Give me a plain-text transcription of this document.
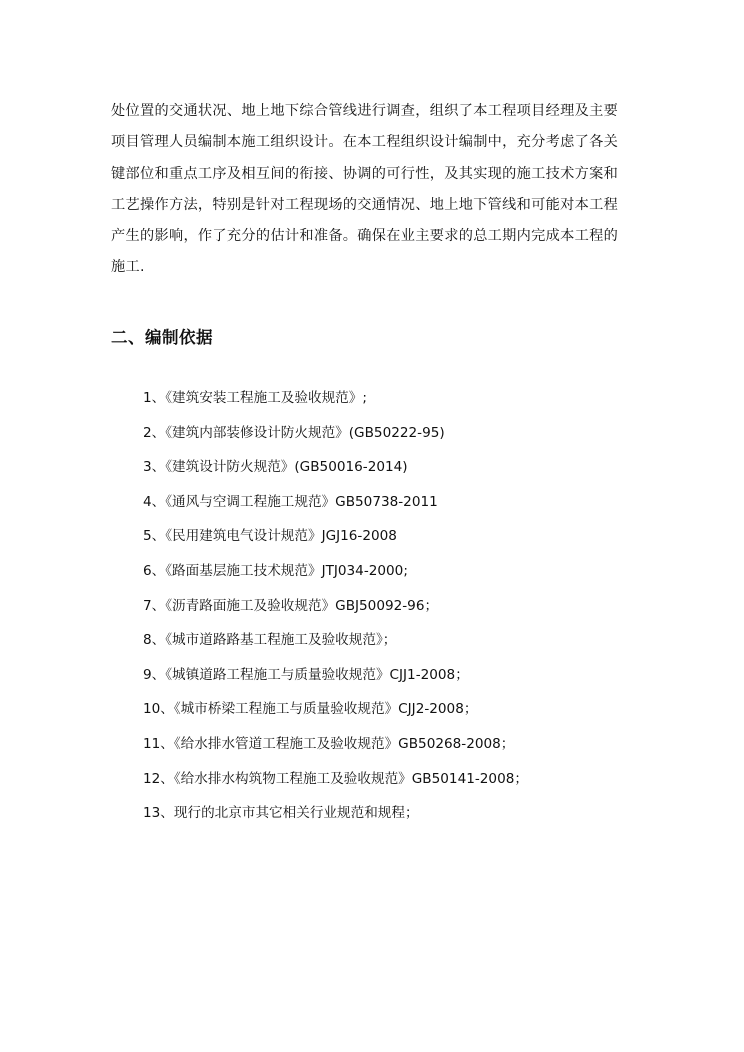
处位置的交通状况、地上地下综合管线进行调查，组织了本工程项目经理及主要
项目管理人员编制本施工组织设计。在本工程组织设计编制中，充分考虑了各关
键部位和重点工序及相互间的衔接、协调的可行性，及其实现的施工技术方案和
工艺操作方法，特别是针对工程现场的交通情况、地上地下管线和可能对本工程
产生的影响，作了充分的估计和准备。确保在业主要求的总工期内完成本工程的
施工.
二、编制依据
1、《建筑安装工程施工及验收规范》;
2、《建筑内部装修设计防火规范》(GB50222-95)
3、《建筑设计防火规范》(GB50016-2014)
4、《通风与空调工程施工规范》GB50738-2011
5、《民用建筑电气设计规范》JGJ16-2008
6、《路面基层施工技术规范》JTJ034-2000;
7、《沥青路面施工及验收规范》GBJ50092-96；
8、《城市道路路基工程施工及验收规范》；
9、《城镇道路工程施工与质量验收规范》CJJ1-2008；
10、《城市桥梁工程施工与质量验收规范》CJJ2-2008；
11、《给水排水管道工程施工及验收规范》GB50268-2008；
12、《给水排水构筑物工程施工及验收规范》GB50141-2008；
13、现行的北京市其它相关行业规范和规程；
